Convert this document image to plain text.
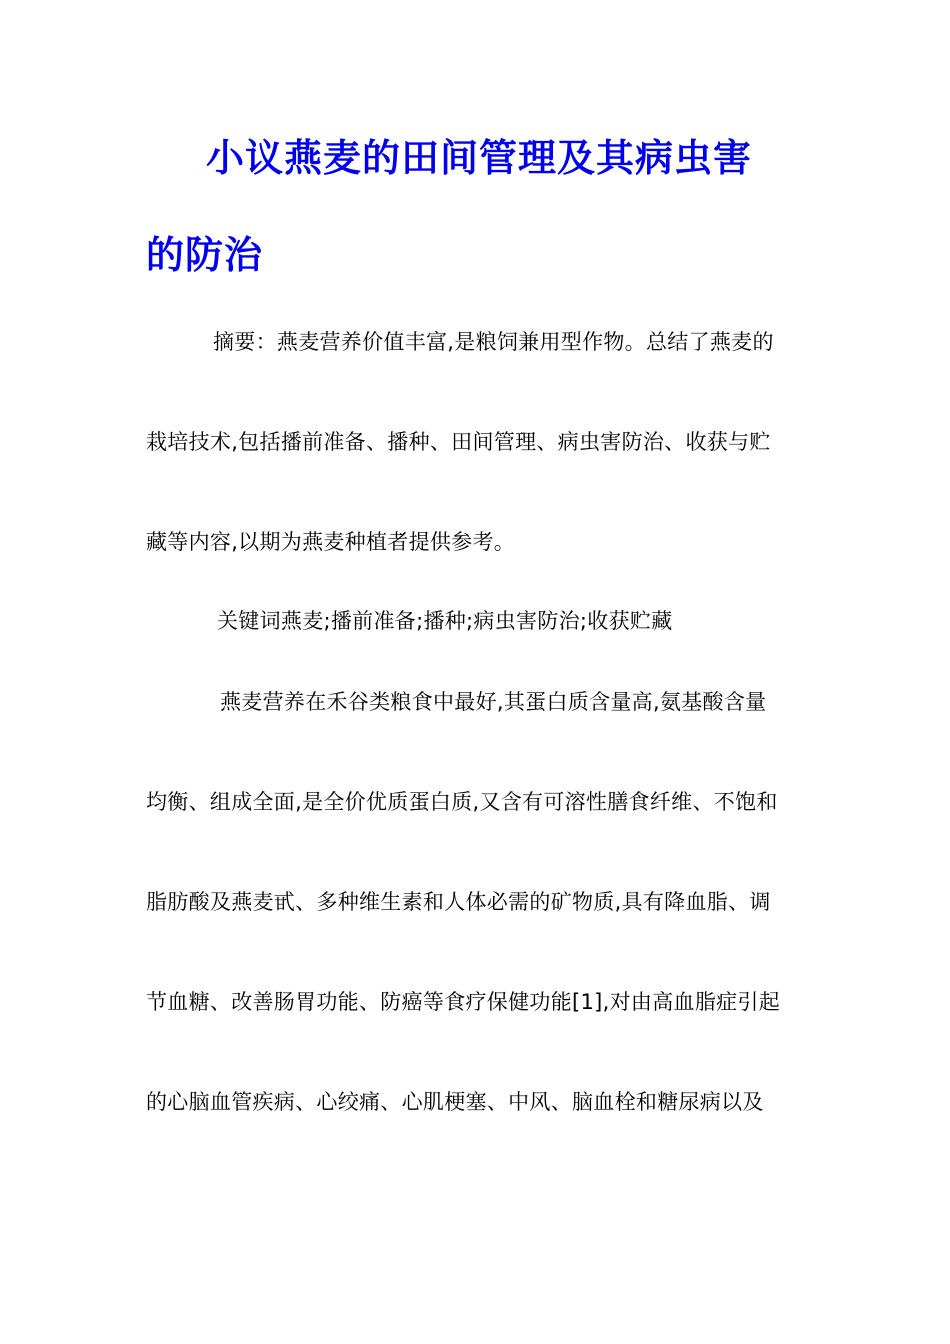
小议燕麦的田间管理及其病虫害
的防治
摘要：燕麦营养价值丰富,是粮饲兼用型作物。总结了燕麦的
栽培技术,包括播前准备、播种、田间管理、病虫害防治、收获与贮
藏等内容,以期为燕麦种植者提供参考。
关键词燕麦;播前准备;播种;病虫害防治;收获贮藏
燕麦营养在禾谷类粮食中最好,其蛋白质含量高,氨基酸含量
均衡、组成全面,是全价优质蛋白质,又含有可溶性膳食纤维、不饱和
脂肪酸及燕麦甙、多种维生素和人体必需的矿物质,具有降血脂、调
节血糖、改善肠胃功能、防癌等食疗保健功能[1],对由高血脂症引起
的心脑血管疾病、心绞痛、心肌梗塞、中风、脑血栓和糖尿病以及
